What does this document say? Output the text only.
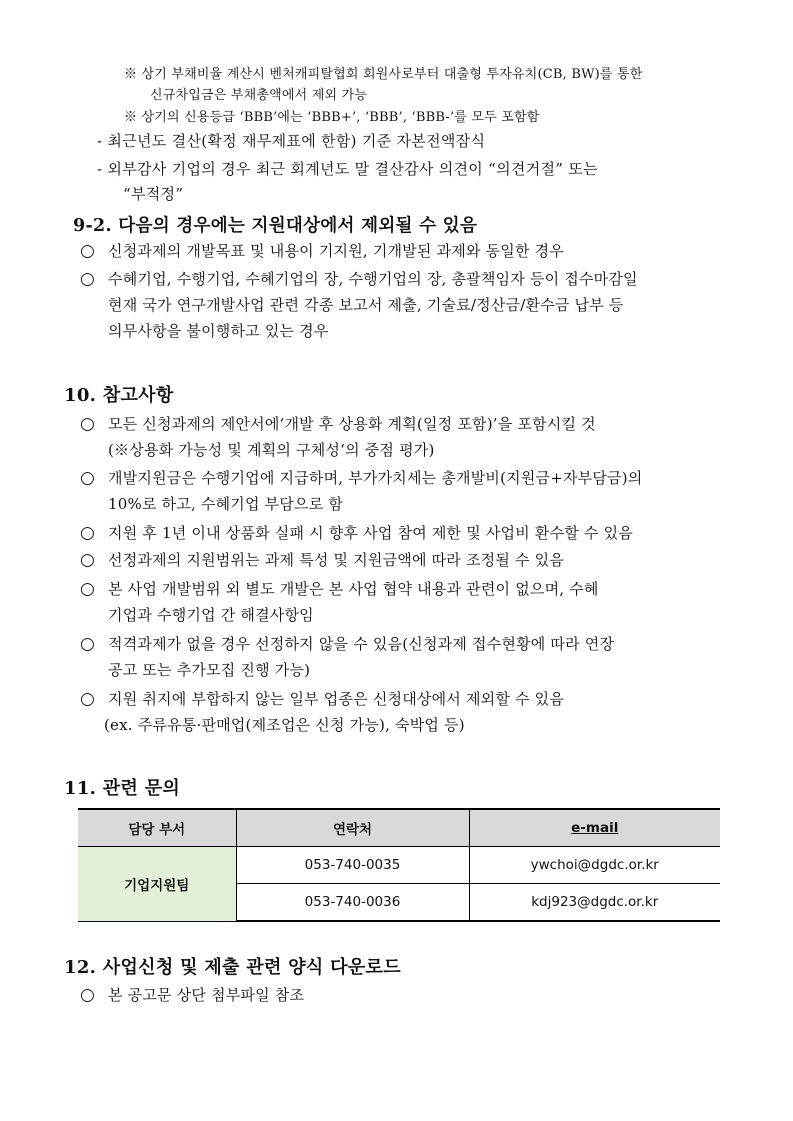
※ 상기 부채비율 계산시 벤처캐피탈협회 회원사로부터 대출형 투자유치(CB, BW)를 통한
신규차입금은 부채총액에서 제외 가능
※ 상기의 신용등급 ‘BBB’에는 ‘BBB+’, ‘BBB’, ‘BBB-’를 모두 포함함
- 최근년도 결산(확정 재무제표에 한함) 기준 자본전액잠식
- 외부감사 기업의 경우 최근 회계년도 말 결산감사 의견이 “의견거절” 또는
“부적정”
9-2. 다음의 경우에는 지원대상에서 제외될 수 있음
○ 신청과제의 개발목표 및 내용이 기지원, 기개발된 과제와 동일한 경우
○ 수혜기업, 수행기업, 수혜기업의 장, 수행기업의 장, 총괄책임자 등이 접수마감일
현재 국가 연구개발사업 관련 각종 보고서 제출, 기술료/정산금/환수금 납부 등
의무사항을 불이행하고 있는 경우
10. 참고사항
○ 모든 신청과제의 제안서에‘개발 후 상용화 계획(일정 포함)’을 포함시킬 것
(※상용화 가능성 및 계획의 구체성‘의 중점 평가)
○ 개발지원금은 수행기업에 지급하며, 부가가치세는 총개발비(지원금+자부담금)의
10%로 하고, 수혜기업 부담으로 함
○ 지원 후 1년 이내 상품화 실패 시 향후 사업 참여 제한 및 사업비 환수할 수 있음
○ 선정과제의 지원범위는 과제 특성 및 지원금액에 따라 조정될 수 있음
○ 본 사업 개발범위 외 별도 개발은 본 사업 협약 내용과 관련이 없으며, 수혜
기업과 수행기업 간 해결사항임
○ 적격과제가 없을 경우 선정하지 않을 수 있음(신청과제 접수현황에 따라 연장
공고 또는 추가모집 진행 가능)
○ 지원 취지에 부합하지 않는 일부 업종은 신청대상에서 제외할 수 있음
(ex. 주류유통·판매업(제조업은 신청 가능), 숙박업 등)
11. 관련 문의
담당 부서	연락처	e-mail
기업지원팀	053-740-0035	ywchoi@dgdc.or.kr
	053-740-0036	kdj923@dgdc.or.kr
12. 사업신청 및 제출 관련 양식 다운로드
○ 본 공고문 상단 첨부파일 참조
